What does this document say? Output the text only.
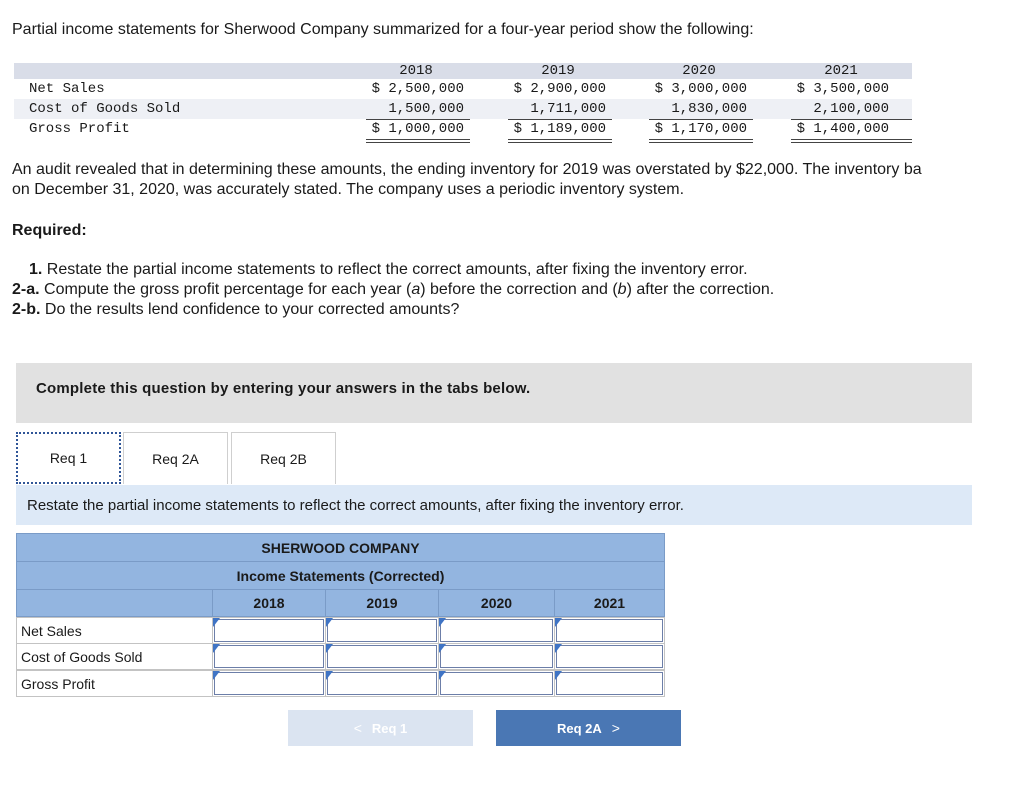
Partial income statements for Sherwood Company summarized for a four-year period show the following:
2018	2019	2020	2021
Net Sales	$ 2,500,000	$ 2,900,000	$ 3,000,000	$ 3,500,000
Cost of Goods Sold	1,500,000	1,711,000	1,830,000	2,100,000
Gross Profit	$ 1,000,000	$ 1,189,000	$ 1,170,000	$ 1,400,000
An audit revealed that in determining these amounts, the ending inventory for 2019 was overstated by $22,000. The inventory ba
on December 31, 2020, was accurately stated. The company uses a periodic inventory system.
Required:
1. Restate the partial income statements to reflect the correct amounts, after fixing the inventory error.
2-a. Compute the gross profit percentage for each year (a) before the correction and (b) after the correction.
2-b. Do the results lend confidence to your corrected amounts?
Complete this question by entering your answers in the tabs below.
Req 1	Req 2A	Req 2B
Restate the partial income statements to reflect the correct amounts, after fixing the inventory error.
SHERWOOD COMPANY
Income Statements (Corrected)
2018	2019	2020	2021
Net Sales
Cost of Goods Sold
Gross Profit
< Req 1	Req 2A >
